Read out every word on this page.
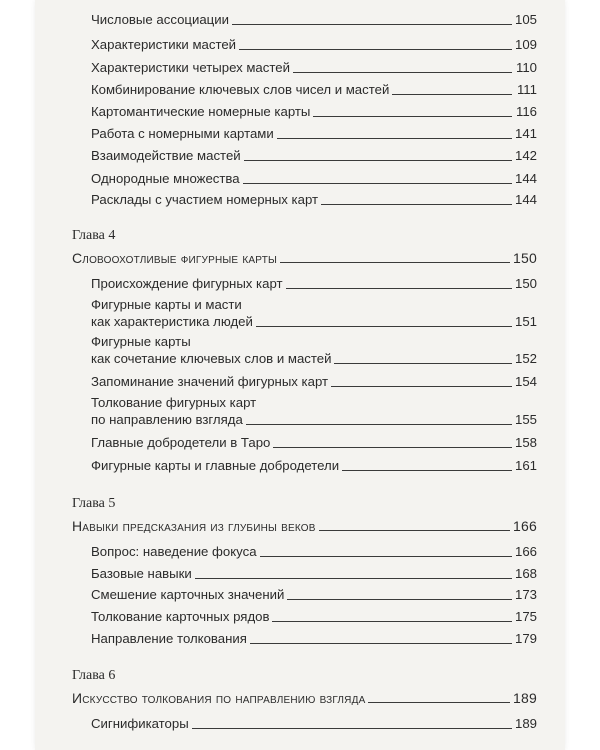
Числовые ассоциации	105
Характеристики мастей	109
Характеристики четырех мастей	110
Комбинирование ключевых слов чисел и мастей	111
Картомантические номерные карты	116
Работа с номерными картами	141
Взаимодействие мастей	142
Однородные множества	144
Расклады с участием номерных карт	144
Глава 4
Словоохотливые фигурные карты	150
Происхождение фигурных карт	150
Фигурные карты и масти
как характеристика людей	151
Фигурные карты
как сочетание ключевых слов и мастей	152
Запоминание значений фигурных карт	154
Толкование фигурных карт
по направлению взгляда	155
Главные добродетели в Таро	158
Фигурные карты и главные добродетели	161
Глава 5
Навыки предсказания из глубины веков	166
Вопрос: наведение фокуса	166
Базовые навыки	168
Смешение карточных значений	173
Толкование карточных рядов	175
Направление толкования	179
Глава 6
Искусство толкования по направлению взгляда	189
Сигнификаторы	189
